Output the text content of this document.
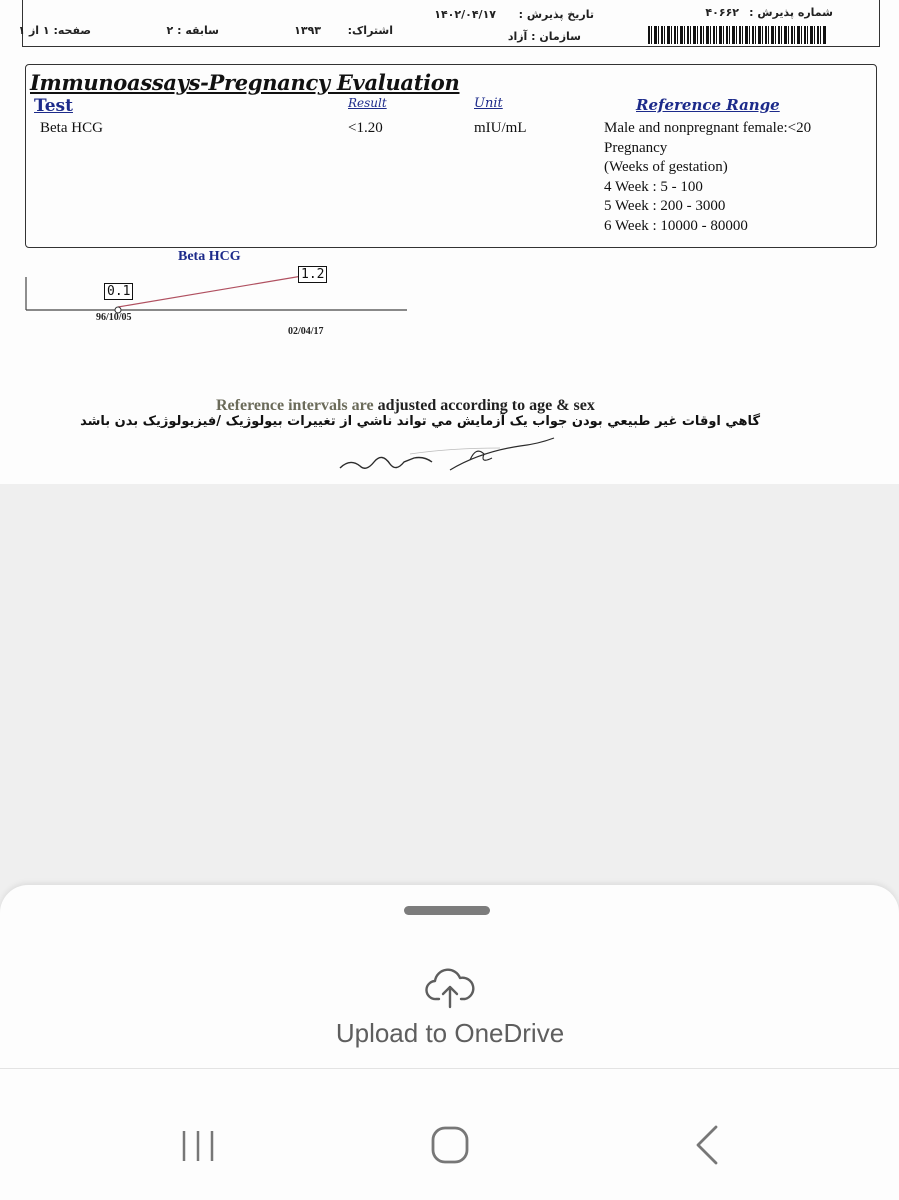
شماره پذیرش :
۴۰۶۶۲
تاریخ پذیرش :
۱۴۰۲/۰۴/۱۷
سازمان : آزاد
اشتراک:
۱۳۹۳
سابقه : ۲
صفحه: ۱ از ۱
Immunoassays-Pregnancy Evaluation
Test	Result	Unit	Reference Range
Beta HCG	<1.20	mIU/mL	Male and nonpregnant female:<20
Pregnancy
(Weeks of gestation)
4 Week : 5 - 100
5 Week : 200 - 3000
6 Week : 10000 - 80000
Beta HCG
0.1
1.2
96/10/05
02/04/17
Reference intervals are adjusted according to age & sex
گاهي اوقات غير طبيعي بودن جواب يک آزمايش مي تواند ناشي از تغييرات بيولوژيک /فيزيولوژيک بدن باشد
Upload to OneDrive
